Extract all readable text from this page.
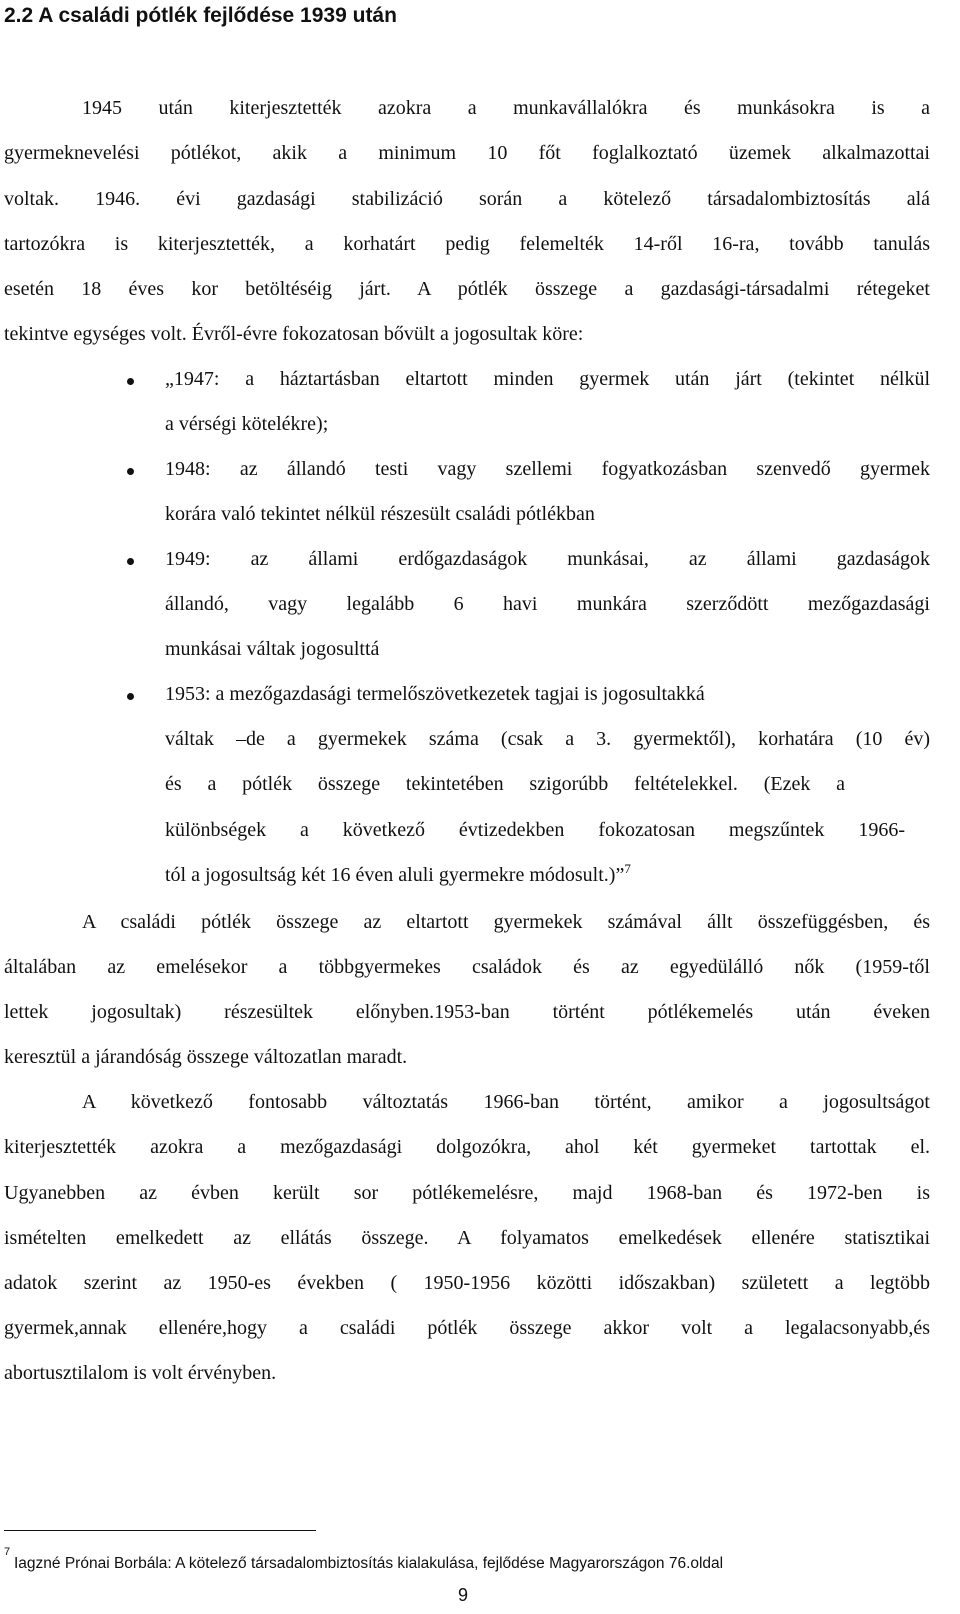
2.2 A családi pótlék fejlődése 1939 után
1945 után kiterjesztették azokra a munkavállalókra és munkásokra is a
gyermeknevelési pótlékot, akik a minimum 10 főt foglalkoztató üzemek alkalmazottai
voltak. 1946. évi gazdasági stabilizáció során a kötelező társadalombiztosítás alá
tartozókra is kiterjesztették, a korhatárt pedig felemelték 14-ről 16-ra, tovább tanulás
esetén 18 éves kor betöltéséig járt. A pótlék összege a gazdasági-társadalmi rétegeket
tekintve egységes volt. Évről-évre fokozatosan bővült a jogosultak köre:
„1947: a háztartásban eltartott minden gyermek után járt (tekintet nélkül
a vérségi kötelékre);
1948: az állandó testi vagy szellemi fogyatkozásban szenvedő gyermek
korára való tekintet nélkül részesült családi pótlékban
1949: az állami erdőgazdaságok munkásai, az állami gazdaságok
állandó, vagy legalább 6 havi munkára szerződött mezőgazdasági
munkásai váltak jogosulttá
1953: a mezőgazdasági termelőszövetkezetek tagjai is jogosultakká
váltak –de a gyermekek száma (csak a 3. gyermektől), korhatára (10 év)
és a pótlék összege tekintetében szigorúbb feltételekkel. (Ezek a
különbségek a következő évtizedekben fokozatosan megszűntek 1966-
tól a jogosultság két 16 éven aluli gyermekre módosult.)”$^7$
A családi pótlék összege az eltartott gyermekek számával állt összefüggésben, és
általában az emelésekor a többgyermekes családok és az egyedülálló nők (1959-től
lettek jogosultak) részesültek előnyben.1953-ban történt pótlékemelés után éveken
keresztül a járandóság összege változatlan maradt.
A következő fontosabb változtatás 1966-ban történt, amikor a jogosultságot
kiterjesztették azokra a mezőgazdasági dolgozókra, ahol két gyermeket tartottak el.
Ugyanebben az évben került sor pótlékemelésre, majd 1968-ban és 1972-ben is
ismételten emelkedett az ellátás összege. A folyamatos emelkedések ellenére statisztikai
adatok szerint az 1950-es években ( 1950-1956 közötti időszakban) született a legtöbb
gyermek,annak ellenére,hogy a családi pótlék összege akkor volt a legalacsonyabb,és
abortusztilalom is volt érvényben.
7
Iagzné Prónai Borbála: A kötelező társadalombiztosítás kialakulása, fejlődése Magyarországon 76.oldal
9
